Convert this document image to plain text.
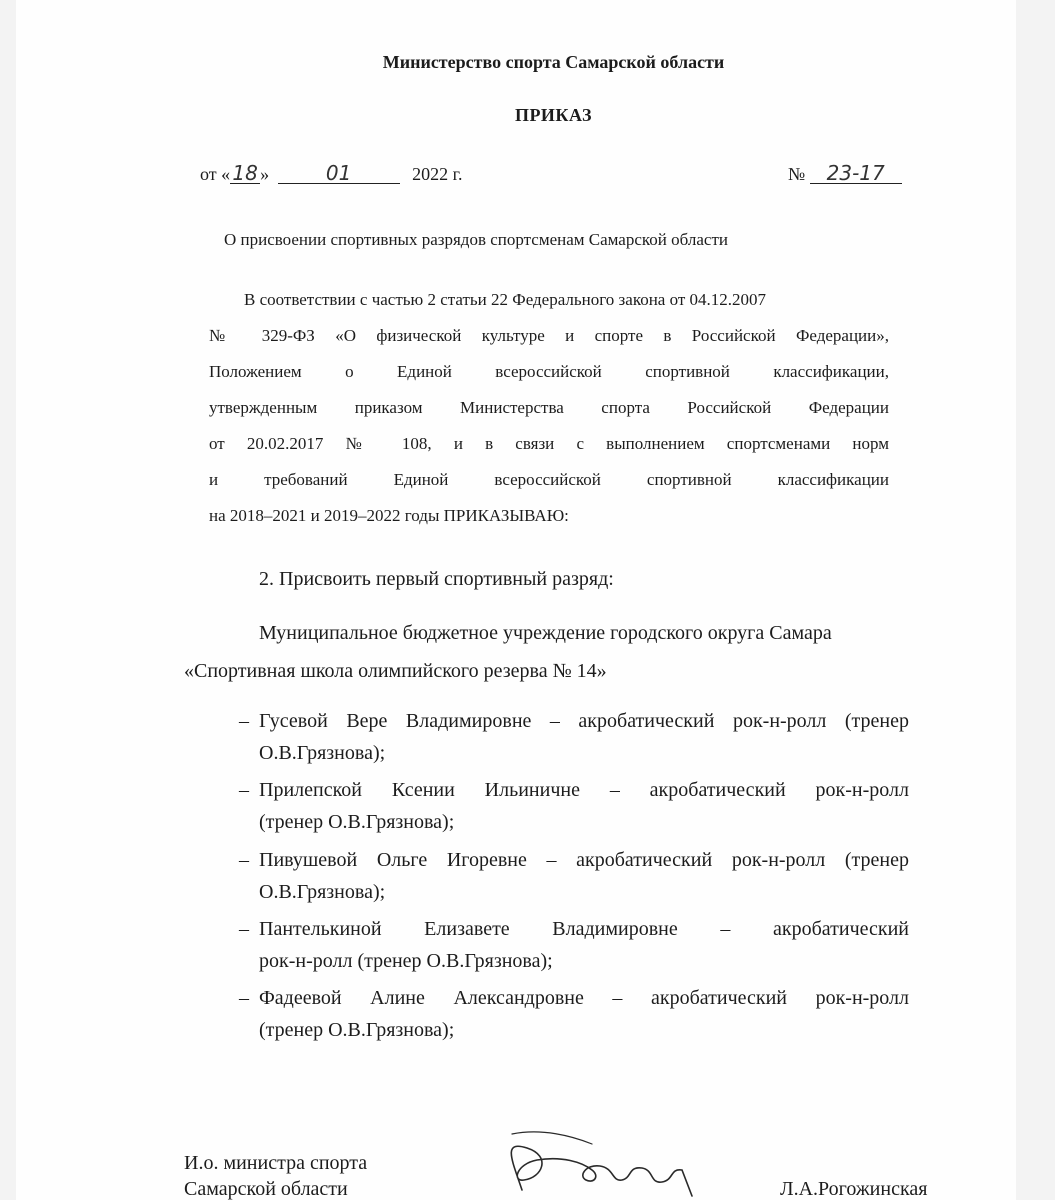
Министерство спорта Самарской области
ПРИКАЗ
от « 18 »	01	2022 г.	№ 23-17
О присвоении спортивных разрядов спортсменам Самарской области
В соответствии с частью 2 статьи 22 Федерального закона от 04.12.2007
№ 329-ФЗ «О физической культуре и спорте в Российской Федерации»,
Положением о Единой всероссийской спортивной классификации,
утвержденным приказом Министерства спорта Российской Федерации
от 20.02.2017 № 108, и в связи с выполнением спортсменами норм
и требований Единой всероссийской спортивной классификации
на 2018–2021 и 2019–2022 годы ПРИКАЗЫВАЮ:
2. Присвоить первый спортивный разряд:
Муниципальное бюджетное учреждение городского округа Самара
«Спортивная школа олимпийского резерва № 14»
– Гусевой Вере Владимировне – акробатический рок-н-ролл (тренер
О.В.Грязнова);
– Прилепской Ксении Ильиничне – акробатический рок-н-ролл
(тренер О.В.Грязнова);
– Пивушевой Ольге Игоревне – акробатический рок-н-ролл (тренер
О.В.Грязнова);
– Пантелькиной Елизавете Владимировне – акробатический
рок-н-ролл (тренер О.В.Грязнова);
– Фадеевой Алине Александровне – акробатический рок-н-ролл
(тренер О.В.Грязнова);
И.о. министра спорта
Самарской области	Л.А.Рогожинская
